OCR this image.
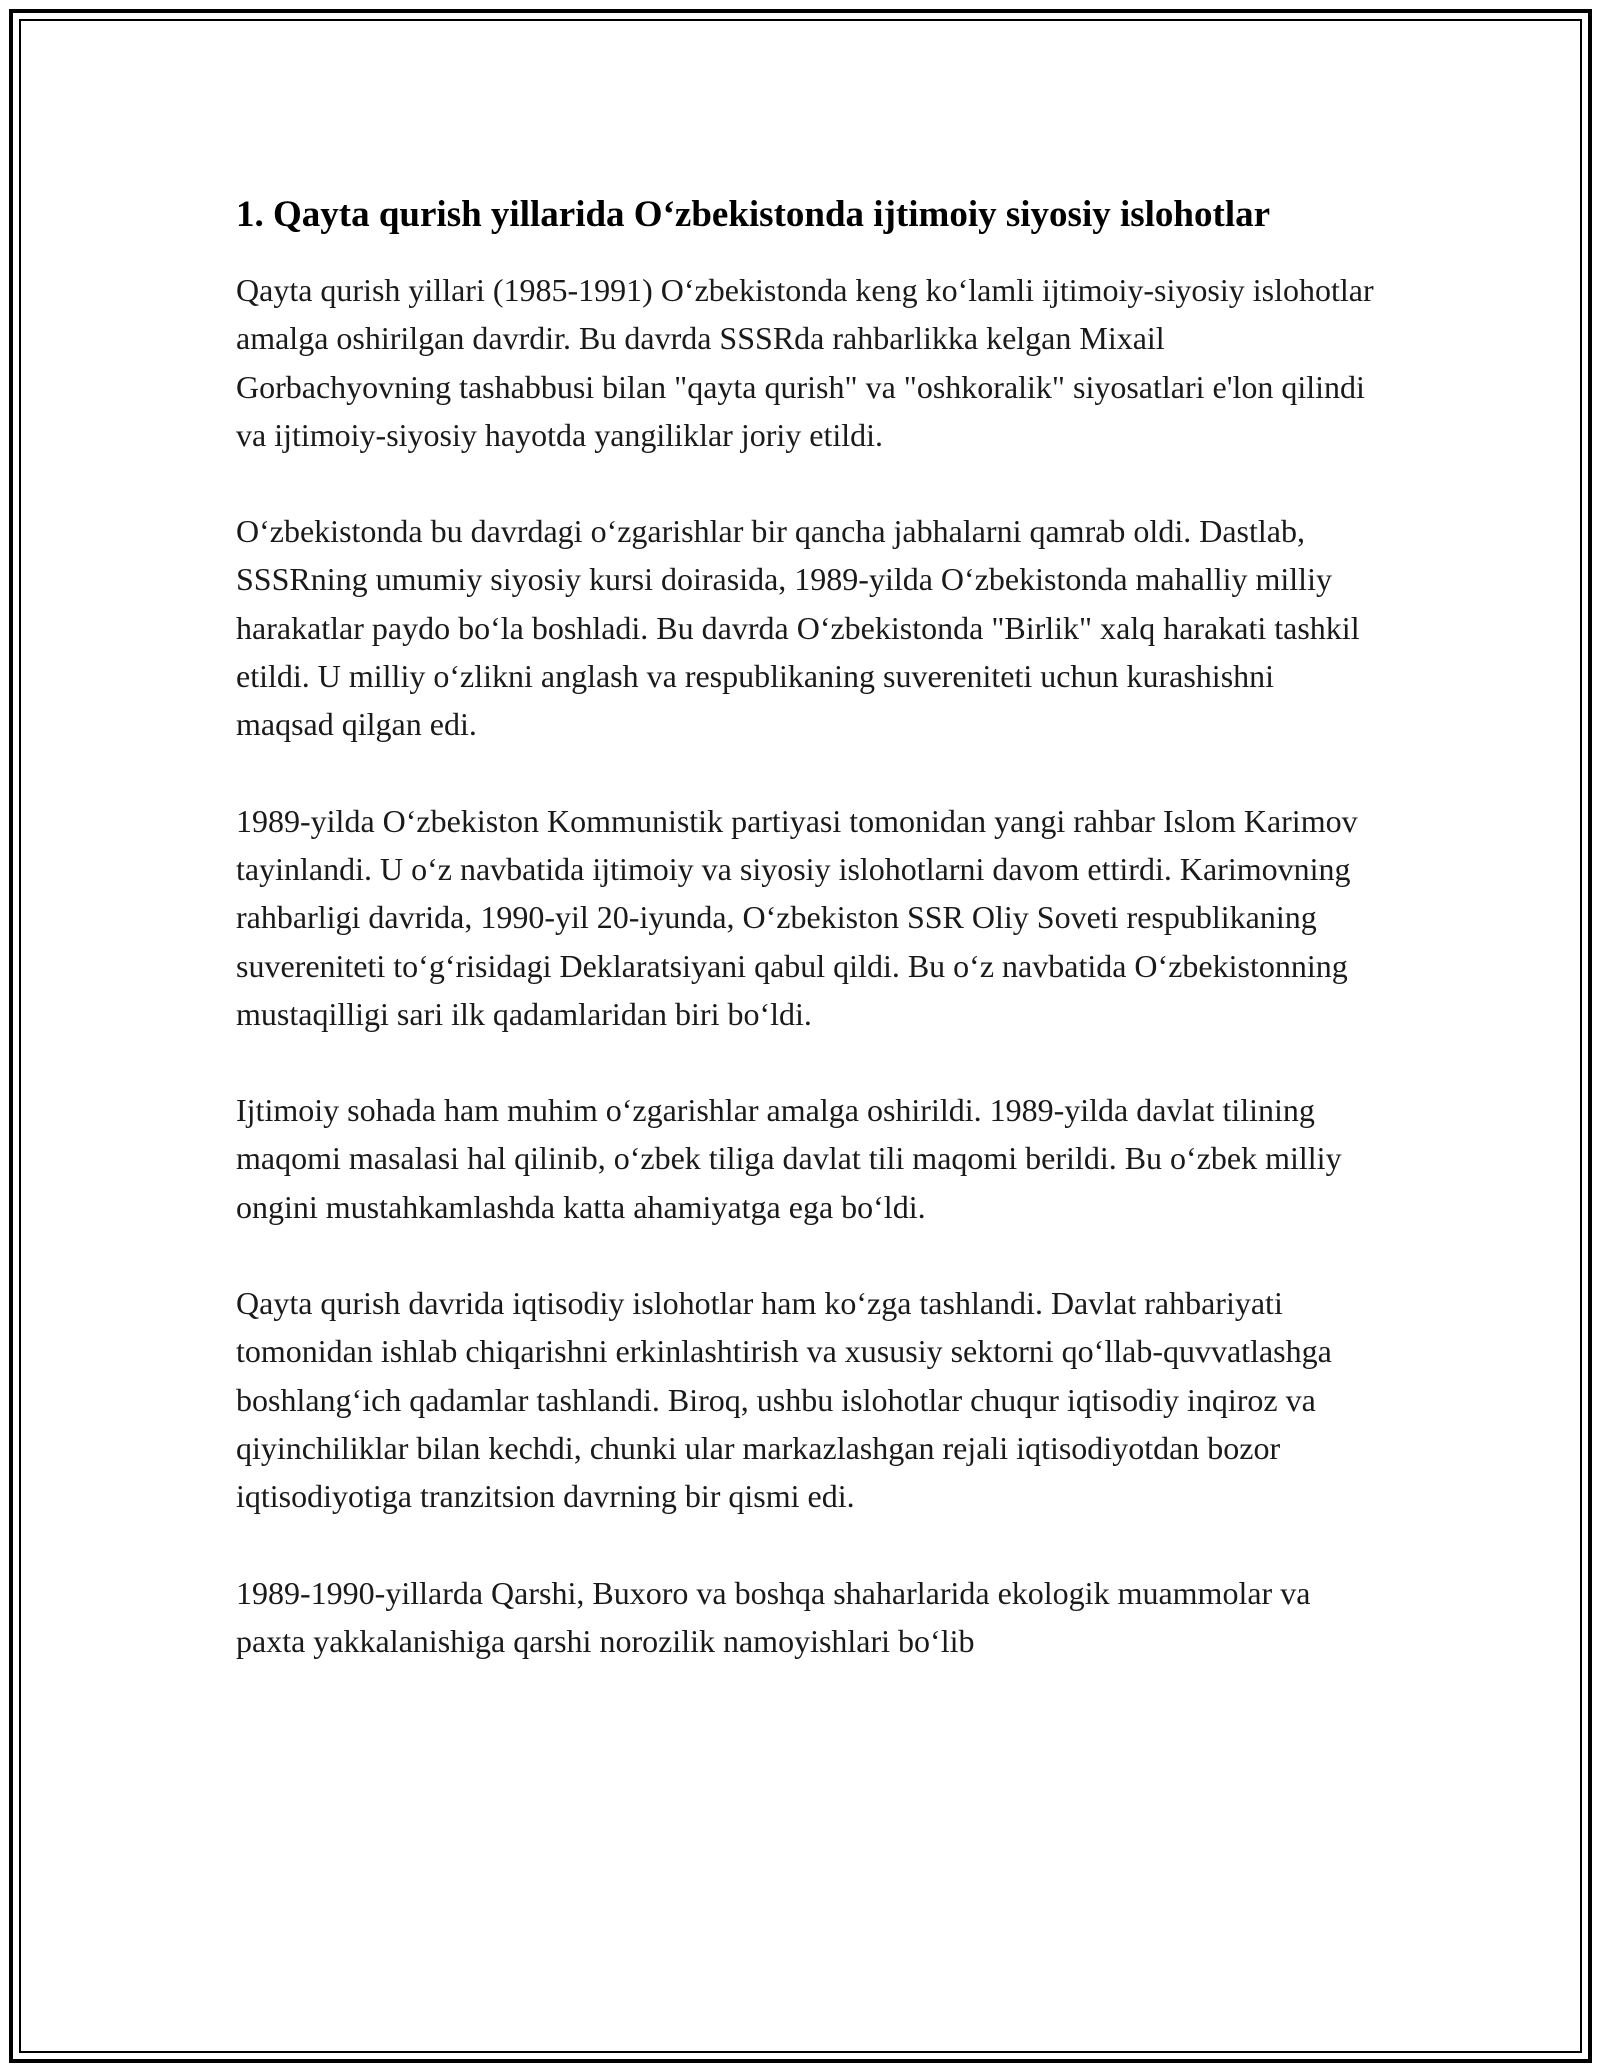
1. Qayta qurish yillarida O‘zbekistonda ijtimoiy siyosiy islohotlar

Qayta qurish yillari (1985-1991) O‘zbekistonda keng ko‘lamli ijtimoiy-siyosiy islohotlar amalga oshirilgan davrdir. Bu davrda SSSRda rahbarlikka kelgan Mixail Gorbachyovning tashabbusi bilan "qayta qurish" va "oshkoralik" siyosatlari e'lon qilindi va ijtimoiy-siyosiy hayotda yangiliklar joriy etildi.

O‘zbekistonda bu davrdagi o‘zgarishlar bir qancha jabhalarni qamrab oldi. Dastlab, SSSRning umumiy siyosiy kursi doirasida, 1989-yilda O‘zbekistonda mahalliy milliy harakatlar paydo bo‘la boshladi. Bu davrda O‘zbekistonda "Birlik" xalq harakati tashkil etildi. U milliy o‘zlikni anglash va respublikaning suvereniteti uchun kurashishni maqsad qilgan edi.

1989-yilda O‘zbekiston Kommunistik partiyasi tomonidan yangi rahbar Islom Karimov tayinlandi. U o‘z navbatida ijtimoiy va siyosiy islohotlarni davom ettirdi. Karimovning rahbarligi davrida, 1990-yil 20-iyunda, O‘zbekiston SSR Oliy Soveti respublikaning suvereniteti to‘g‘risidagi Deklaratsiyani qabul qildi. Bu o‘z navbatida O‘zbekistonning mustaqilligi sari ilk qadamlaridan biri bo‘ldi.

Ijtimoiy sohada ham muhim o‘zgarishlar amalga oshirildi. 1989-yilda davlat tilining maqomi masalasi hal qilinib, o‘zbek tiliga davlat tili maqomi berildi. Bu o‘zbek milliy ongini mustahkamlashda katta ahamiyatga ega bo‘ldi.

Qayta qurish davrida iqtisodiy islohotlar ham ko‘zga tashlandi. Davlat rahbariyati tomonidan ishlab chiqarishni erkinlashtirish va xususiy sektorni qo‘llab-quvvatlashga boshlang‘ich qadamlar tashlandi. Biroq, ushbu islohotlar chuqur iqtisodiy inqiroz va qiyinchiliklar bilan kechdi, chunki ular markazlashgan rejali iqtisodiyotdan bozor iqtisodiyotiga tranzitsion davrning bir qismi edi.

1989-1990-yillarda Qarshi, Buxoro va boshqa shaharlarida ekologik muammolar va paxta yakkalanishiga qarshi norozilik namoyishlari bo‘lib
